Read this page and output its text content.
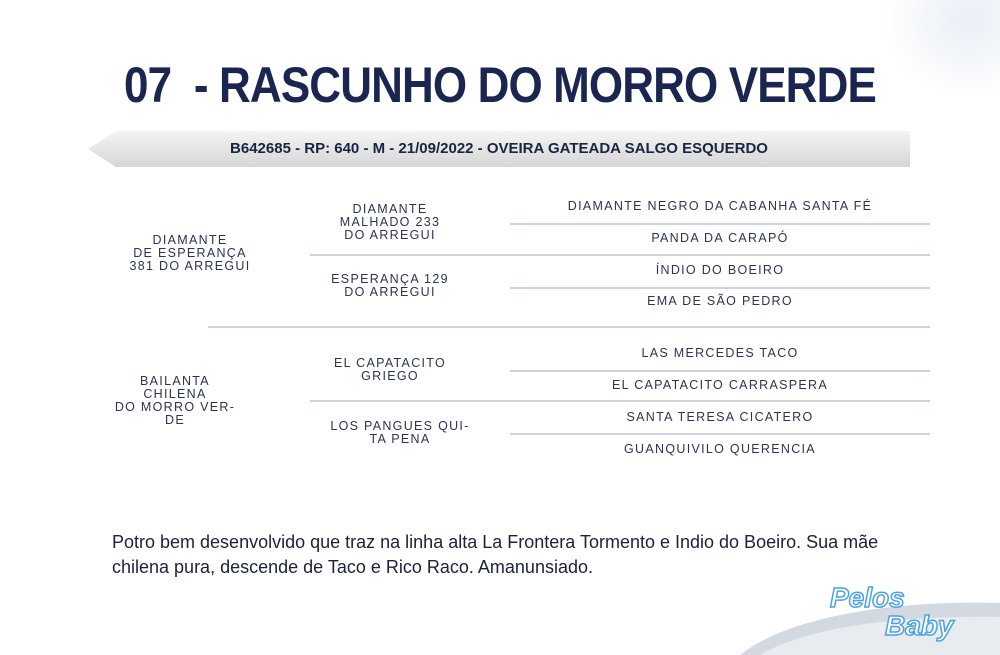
07  - RASCUNHO DO MORRO VERDE
B642685 - RP: 640 - M - 21/09/2022 - OVEIRA GATEADA SALGO ESQUERDO
DIAMANTE
DE ESPERANÇA
381 DO ARREGUI
DIAMANTE
MALHADO 233
DO ARREGUI
ESPERANÇA 129
DO ARREGUI
DIAMANTE NEGRO DA CABANHA SANTA FÉ
PANDA DA CARAPÓ
ÍNDIO DO BOEIRO
EMA DE SÃO PEDRO
BAILANTA
CHILENA
DO MORRO VER-
DE
EL CAPATACITO
GRIEGO
LOS PANGUES QUI-
TA PENA
LAS MERCEDES TACO
EL CAPATACITO CARRASPERA
SANTA TERESA CICATERO
GUANQUIVILO QUERENCIA
Potro bem desenvolvido que traz na linha alta La Frontera Tormento e Indio do Boeiro. Sua mãe chilena pura, descende de Taco e Rico Raco. Amanunsiado.
Pelos
Baby
